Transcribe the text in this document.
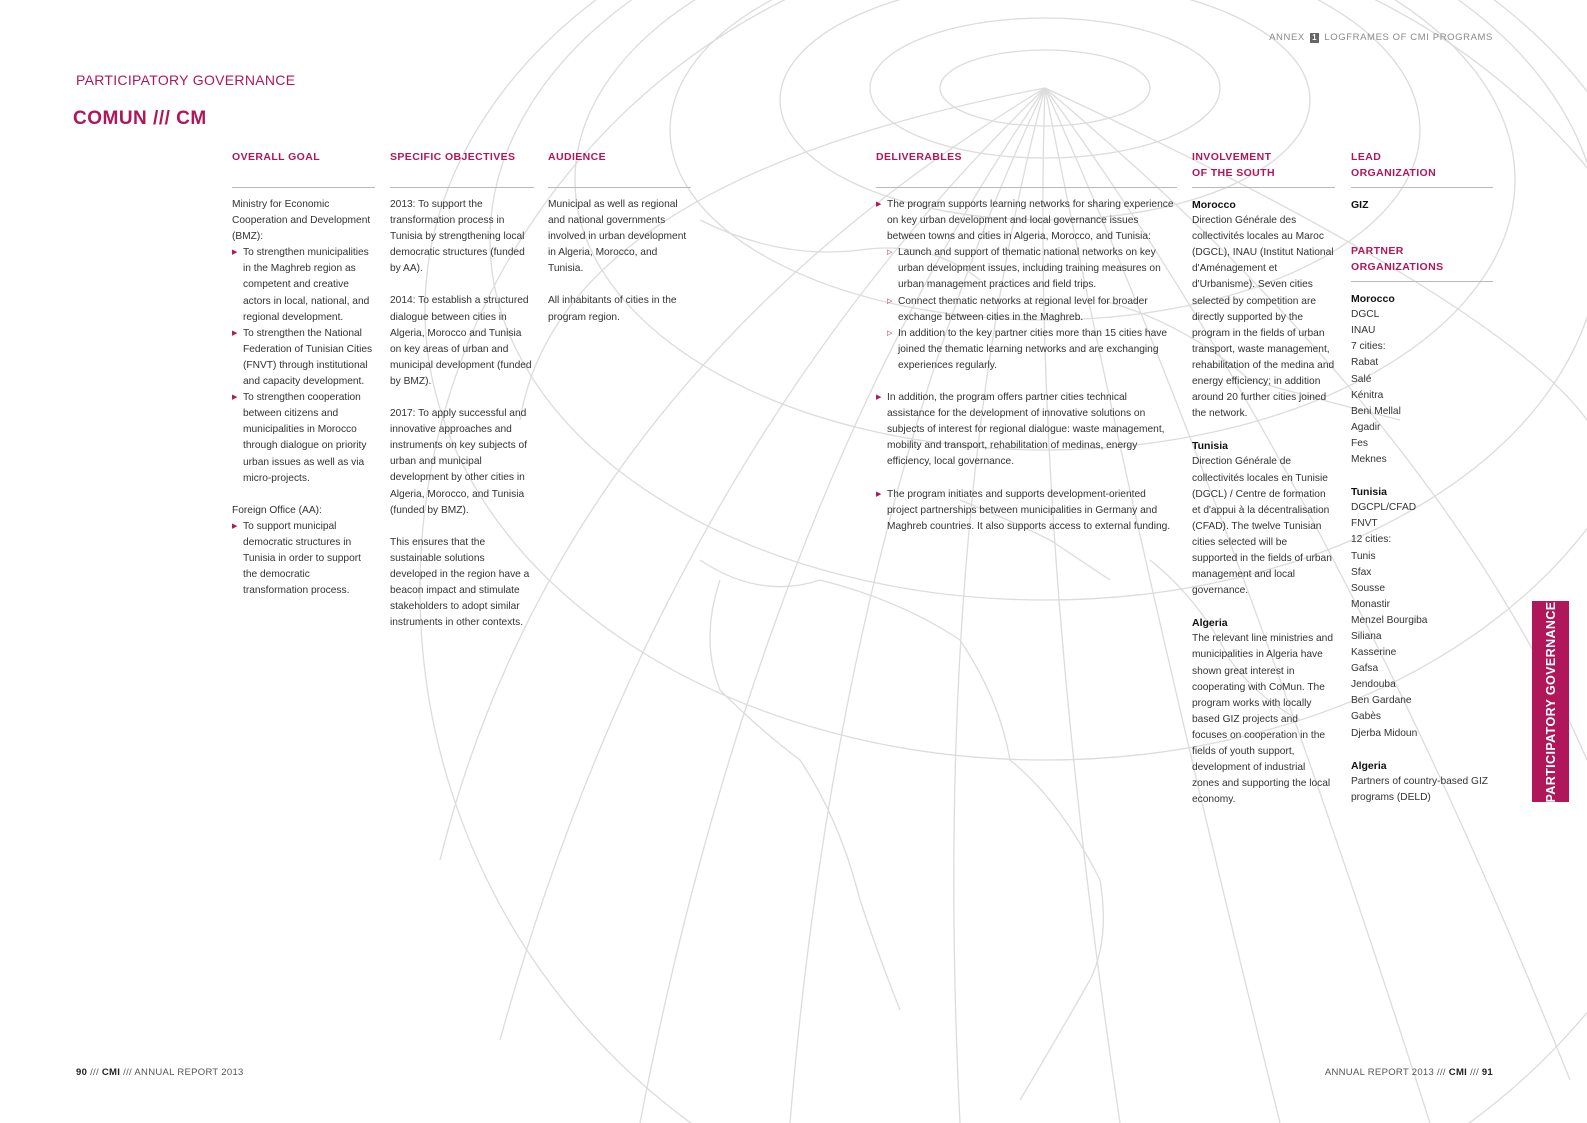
ANNEX 1 LOGFRAMES OF CMI PROGRAMS
PARTICIPATORY GOVERNANCE
COMUN /// CM
OVERALL GOAL
Ministry for Economic Cooperation and Development (BMZ):
▶ To strengthen municipalities in the Maghreb region as competent and creative actors in local, national, and regional development.
▶ To strengthen the National Federation of Tunisian Cities (FNVT) through institutional and capacity development.
▶ To strengthen cooperation between citizens and municipalities in Morocco through dialogue on priority urban issues as well as via micro-projects.
Foreign Office (AA):
▶ To support municipal democratic structures in Tunisia in order to support the democratic transformation process.
SPECIFIC OBJECTIVES

2013: To support the transformation process in Tunisia by strengthening local democratic structures (funded by AA).

2014: To establish a structured dialogue between cities in Algeria, Morocco and Tunisia on key areas of urban and municipal development (funded by BMZ).

2017: To apply successful and innovative approaches and instruments on key subjects of urban and municipal development by other cities in Algeria, Morocco, and Tunisia (funded by BMZ).

This ensures that the sustainable solutions developed in the region have a beacon impact and stimulate stakeholders to adopt similar instruments in other contexts.

AUDIENCE

Municipal as well as regional and national governments involved in urban development in Algeria, Morocco, and Tunisia.

All inhabitants of cities in the program region.

DELIVERABLES
▶ The program supports learning networks for sharing experience on key urban development and local governance issues between towns and cities in Algeria, Morocco, and Tunisia:
▷ Launch and support of thematic national networks on key urban development issues, including training measures on urban management practices and field trips.
▷ Connect thematic networks at regional level for broader exchange between cities in the Maghreb.
▷ In addition to the key partner cities more than 15 cities have joined the thematic learning networks and are exchanging experiences regularly.
▶ In addition, the program offers partner cities technical assistance for the development of innovative solutions on subjects of interest for regional dialogue: waste management, mobility and transport, rehabilitation of medinas, energy efficiency, local governance.
▶ The program initiates and supports development-oriented project partnerships between municipalities in Germany and Maghreb countries. It also supports access to external funding.
INVOLVEMENT
OF THE SOUTH
Morocco

Direction Générale des collectivités locales au Maroc (DGCL), INAU (Institut National d'Aménagement et d'Urbanisme). Seven cities selected by competition are directly supported by the program in the fields of urban transport, waste management, rehabilitation of the medina and energy efficiency; in addition around 20 further cities joined the network.

Tunisia

Direction Générale de collectivités locales en Tunisie (DGCL) / Centre de formation et d'appui à la décentralisation (CFAD). The twelve Tunisian cities selected will be supported in the fields of urban management and local governance.

Algeria

The relevant line ministries and municipalities in Algeria have shown great interest in cooperating with CoMun. The program works with locally based GIZ projects and focuses on cooperation in the fields of youth support, development of industrial zones and supporting the local economy.

LEAD
ORGANIZATION
GIZ
PARTNER
ORGANIZATIONS
Morocco
DGCL
INAU
7 cities:
Rabat
Salé
Kénitra
Beni Mellal
Agadir
Fes
Meknes
Tunisia
DGCPL/CFAD
FNVT
12 cities:
Tunis
Sfax
Sousse
Monastir
Menzel Bourgiba
Siliana
Kasserine
Gafsa
Jendouba
Ben Gardane
Gabès
Djerba Midoun
Algeria
Partners of country-based GIZ programs (DELD)	PARTICIPATORY GOVERNANCE
90 /// CMI /// ANNUAL REPORT 2013	ANNUAL REPORT 2013 /// CMI /// 91
